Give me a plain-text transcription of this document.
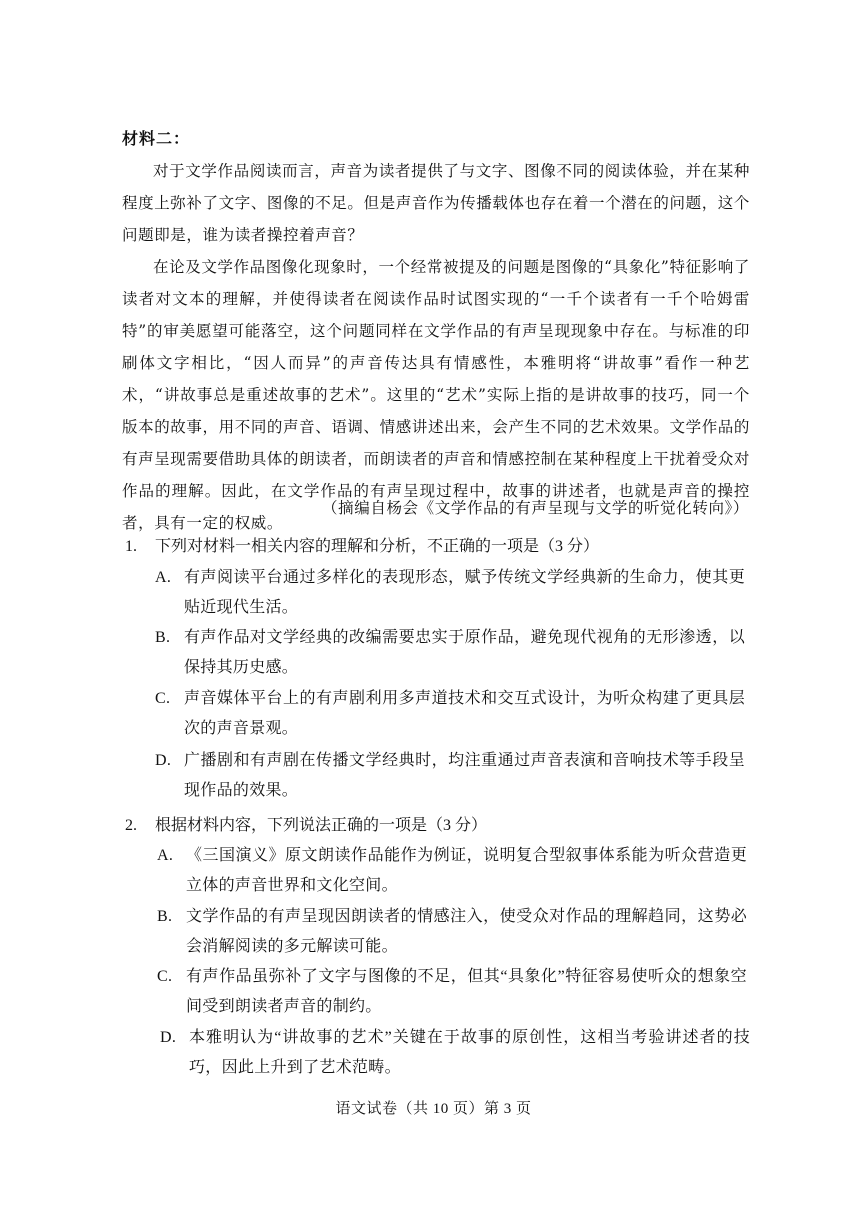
材料二：

对于文学作品阅读而言，声音为读者提供了与文字、图像不同的阅读体验，并在某种程度上弥补了文字、图像的不足。但是声音作为传播载体也存在着一个潜在的问题，这个问题即是，谁为读者操控着声音？

在论及文学作品图像化现象时，一个经常被提及的问题是图像的“具象化”特征影响了读者对文本的理解，并使得读者在阅读作品时试图实现的“一千个读者有一千个哈姆雷特”的审美愿望可能落空，这个问题同样在文学作品的有声呈现现象中存在。与标准的印刷体文字相比，“因人而异”的声音传达具有情感性，本雅明将“讲故事”看作一种艺术，“讲故事总是重述故事的艺术”。这里的“艺术”实际上指的是讲故事的技巧，同一个版本的故事，用不同的声音、语调、情感讲述出来，会产生不同的艺术效果。文学作品的有声呈现需要借助具体的朗读者，而朗读者的声音和情感控制在某种程度上干扰着受众对作品的理解。因此，在文学作品的有声呈现过程中，故事的讲述者，也就是声音的操控者，具有一定的权威。

（摘编自杨会《文学作品的有声呈现与文学的听觉化转向》）
1. 下列对材料一相关内容的理解和分析，不正确的一项是（3 分）
A. 有声阅读平台通过多样化的表现形态，赋予传统文学经典新的生命力，使其更贴近现代生活。
B. 有声作品对文学经典的改编需要忠实于原作品，避免现代视角的无形渗透，以保持其历史感。
C. 声音媒体平台上的有声剧利用多声道技术和交互式设计，为听众构建了更具层次的声音景观。
D. 广播剧和有声剧在传播文学经典时，均注重通过声音表演和音响技术等手段呈现作品的效果。
2. 根据材料内容，下列说法正确的一项是（3 分）
A. 《三国演义》原文朗读作品能作为例证，说明复合型叙事体系能为听众营造更立体的声音世界和文化空间。
B. 文学作品的有声呈现因朗读者的情感注入，使受众对作品的理解趋同，这势必会消解阅读的多元解读可能。
C. 有声作品虽弥补了文字与图像的不足，但其“具象化”特征容易使听众的想象空间受到朗读者声音的制约。
D. 本雅明认为“讲故事的艺术”关键在于故事的原创性，这相当考验讲述者的技巧，因此上升到了艺术范畴。
语文试卷（共 10 页）第 3 页
